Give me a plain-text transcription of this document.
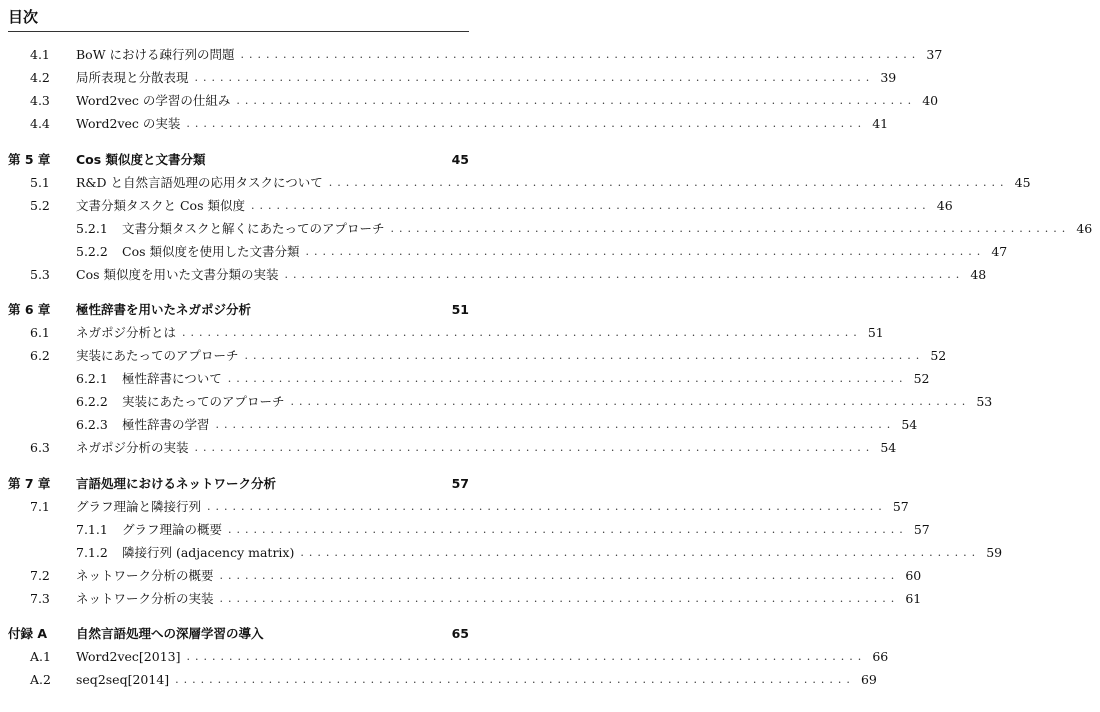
目次
4.1	BoW における疎行列の問題 ................................................................................ 37
4.2	局所表現と分散表現 ................................................................................ 39
4.3	Word2vec の学習の仕組み ................................................................................ 40
4.4	Word2vec の実装 ................................................................................ 41
第 5 章	Cos 類似度と文書分類	45
5.1	R&D と自然言語処理の応用タスクについて ................................................................................ 45
5.2	文書分類タスクと Cos 類似度 ................................................................................ 46
5.2.1	文書分類タスクと解くにあたってのアプローチ ................................................................................ 46
5.2.2	Cos 類似度を使用した文書分類 ................................................................................ 47
5.3	Cos 類似度を用いた文書分類の実装 ................................................................................ 48
第 6 章	極性辞書を用いたネガポジ分析	51
6.1	ネガポジ分析とは ................................................................................ 51
6.2	実装にあたってのアプローチ ................................................................................ 52
6.2.1	極性辞書について ................................................................................ 52
6.2.2	実装にあたってのアプローチ ................................................................................ 53
6.2.3	極性辞書の学習 ................................................................................ 54
6.3	ネガポジ分析の実装 ................................................................................ 54
第 7 章	言語処理におけるネットワーク分析	57
7.1	グラフ理論と隣接行列 ................................................................................ 57
7.1.1	グラフ理論の概要 ................................................................................ 57
7.1.2	隣接行列 (adjacency matrix) ................................................................................ 59
7.2	ネットワーク分析の概要 ................................................................................ 60
7.3	ネットワーク分析の実装 ................................................................................ 61
付録 A	自然言語処理への深層学習の導入	65
A.1	Word2vec[2013] ................................................................................ 66
A.2	seq2seq[2014] ................................................................................ 69
